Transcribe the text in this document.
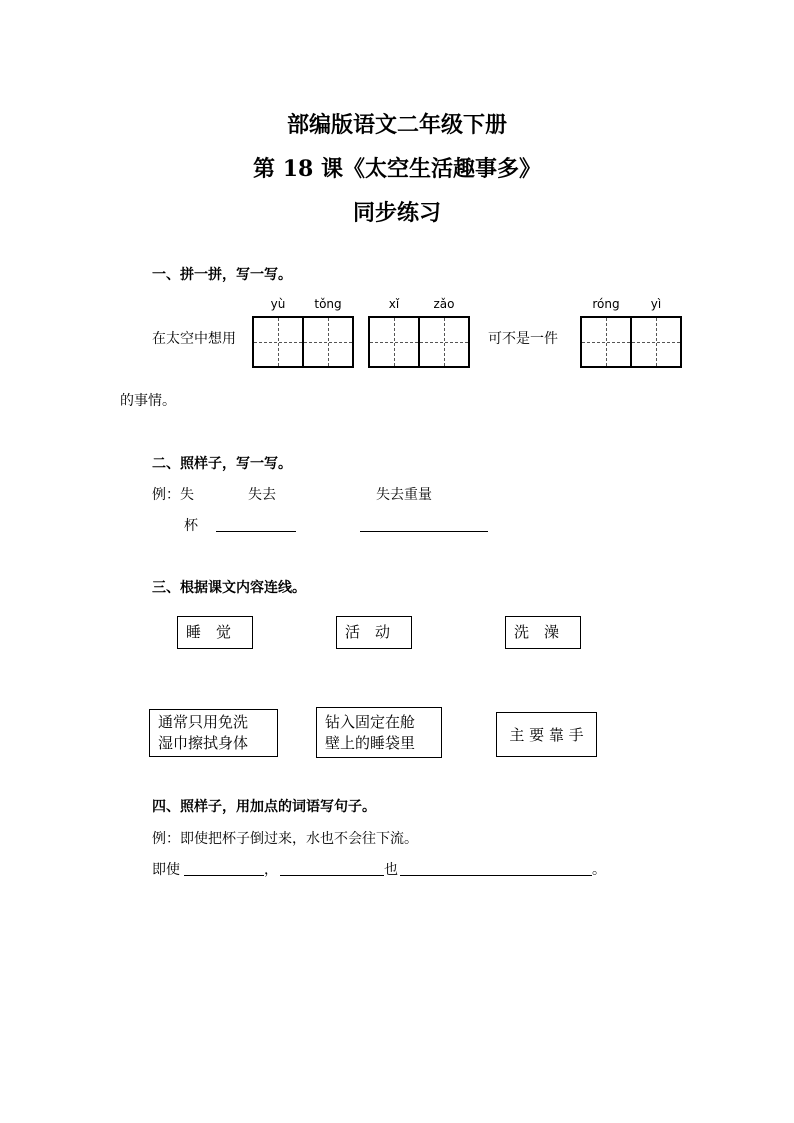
部编版语文二年级下册
第 18 课《太空生活趣事多》
同步练习
一、拼一拼，写一写。
yù	tǒng	xǐ	zǎo	róng	yì
在太空中想用	可不是一件
的事情。
二、照样子，写一写。
例：失	失去	失去重量
杯
三、根据课文内容连线。
睡　觉	活　动	洗　澡
通常只用免洗
湿巾擦拭身体
钻入固定在舱
壁上的睡袋里	主 要 靠 手
四、照样子，用加点的词语写句子。
例：即使把杯子倒过来，水也不会往下流。
即使	，	也	。
